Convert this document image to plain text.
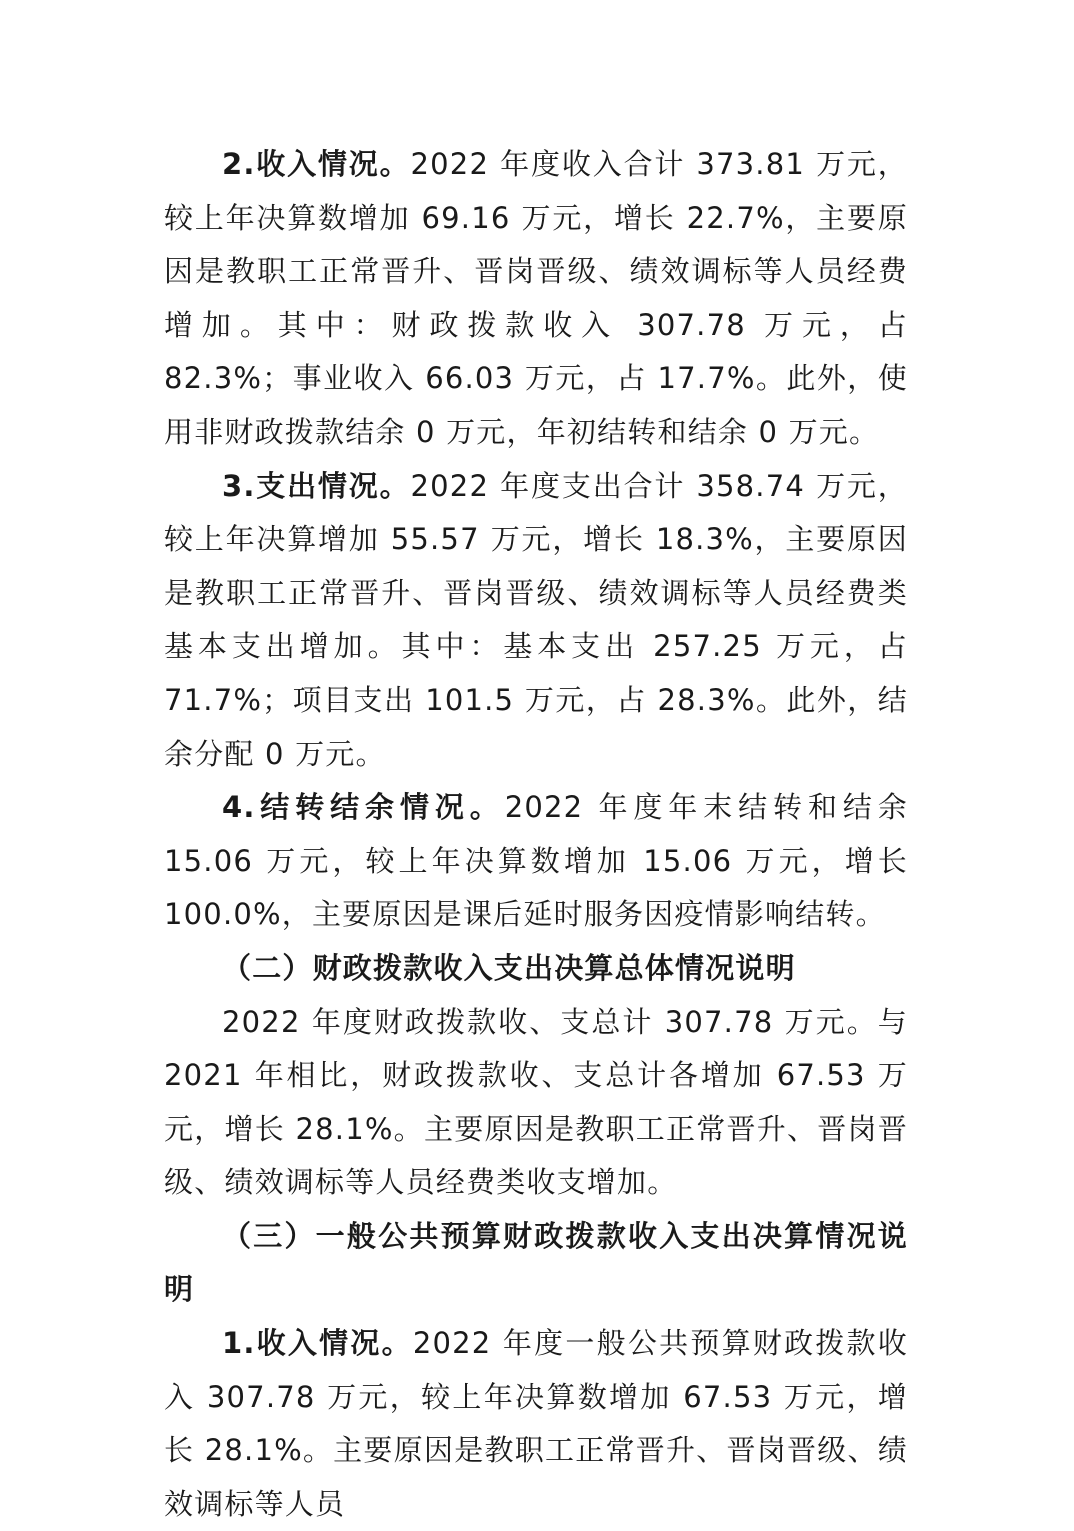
2.收入情况。2022 年度收入合计 373.81 万元，较上年决算数增加 69.16 万元，增长 22.7%，主要原因是教职工正常晋升、晋岗晋级、绩效调标等人员经费增加。其中：财政拨款收入 307.78 万元，占 82.3%；事业收入 66.03 万元，占 17.7%。此外，使用非财政拨款结余 0 万元，年初结转和结余 0 万元。

3.支出情况。2022 年度支出合计 358.74 万元，较上年决算增加 55.57 万元，增长 18.3%，主要原因是教职工正常晋升、晋岗晋级、绩效调标等人员经费类基本支出增加。其中：基本支出 257.25 万元，占 71.7%；项目支出 101.5 万元，占 28.3%。此外，结余分配 0 万元。

4.结转结余情况。2022 年度年末结转和结余 15.06 万元，较上年决算数增加 15.06 万元，增长 100.0%，主要原因是课后延时服务因疫情影响结转。

（二）财政拨款收入支出决算总体情况说明

2022 年度财政拨款收、支总计 307.78 万元。与 2021 年相比，财政拨款收、支总计各增加 67.53 万元，增长 28.1%。主要原因是教职工正常晋升、晋岗晋级、绩效调标等人员经费类收支增加。

（三）一般公共预算财政拨款收入支出决算情况说明

1.收入情况。2022 年度一般公共预算财政拨款收入 307.78 万元，较上年决算数增加 67.53 万元，增长 28.1%。主要原因是教职工正常晋升、晋岗晋级、绩效调标等人员
